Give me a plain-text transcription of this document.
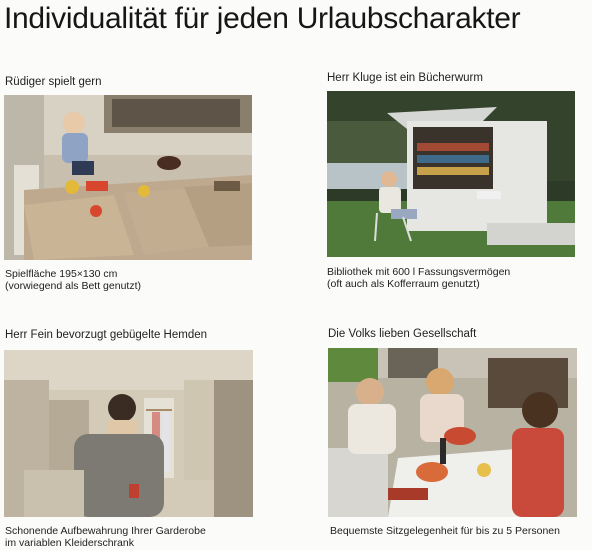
Individualität für jeden Urlaubscharakter
Rüdiger spielt gern
Spielfläche 195×130 cm
(vorwiegend als Bett genutzt)
Herr Kluge ist ein Bücherwurm
Bibliothek mit 600 l Fassungsvermögen
(oft auch als Kofferraum genutzt)
Herr Fein bevorzugt gebügelte Hemden
Schonende Aufbewahrung Ihrer Garderobe
im variablen Kleiderschrank
Die Volks lieben Gesellschaft
Bequemste Sitzgelegenheit für bis zu 5 Personen
